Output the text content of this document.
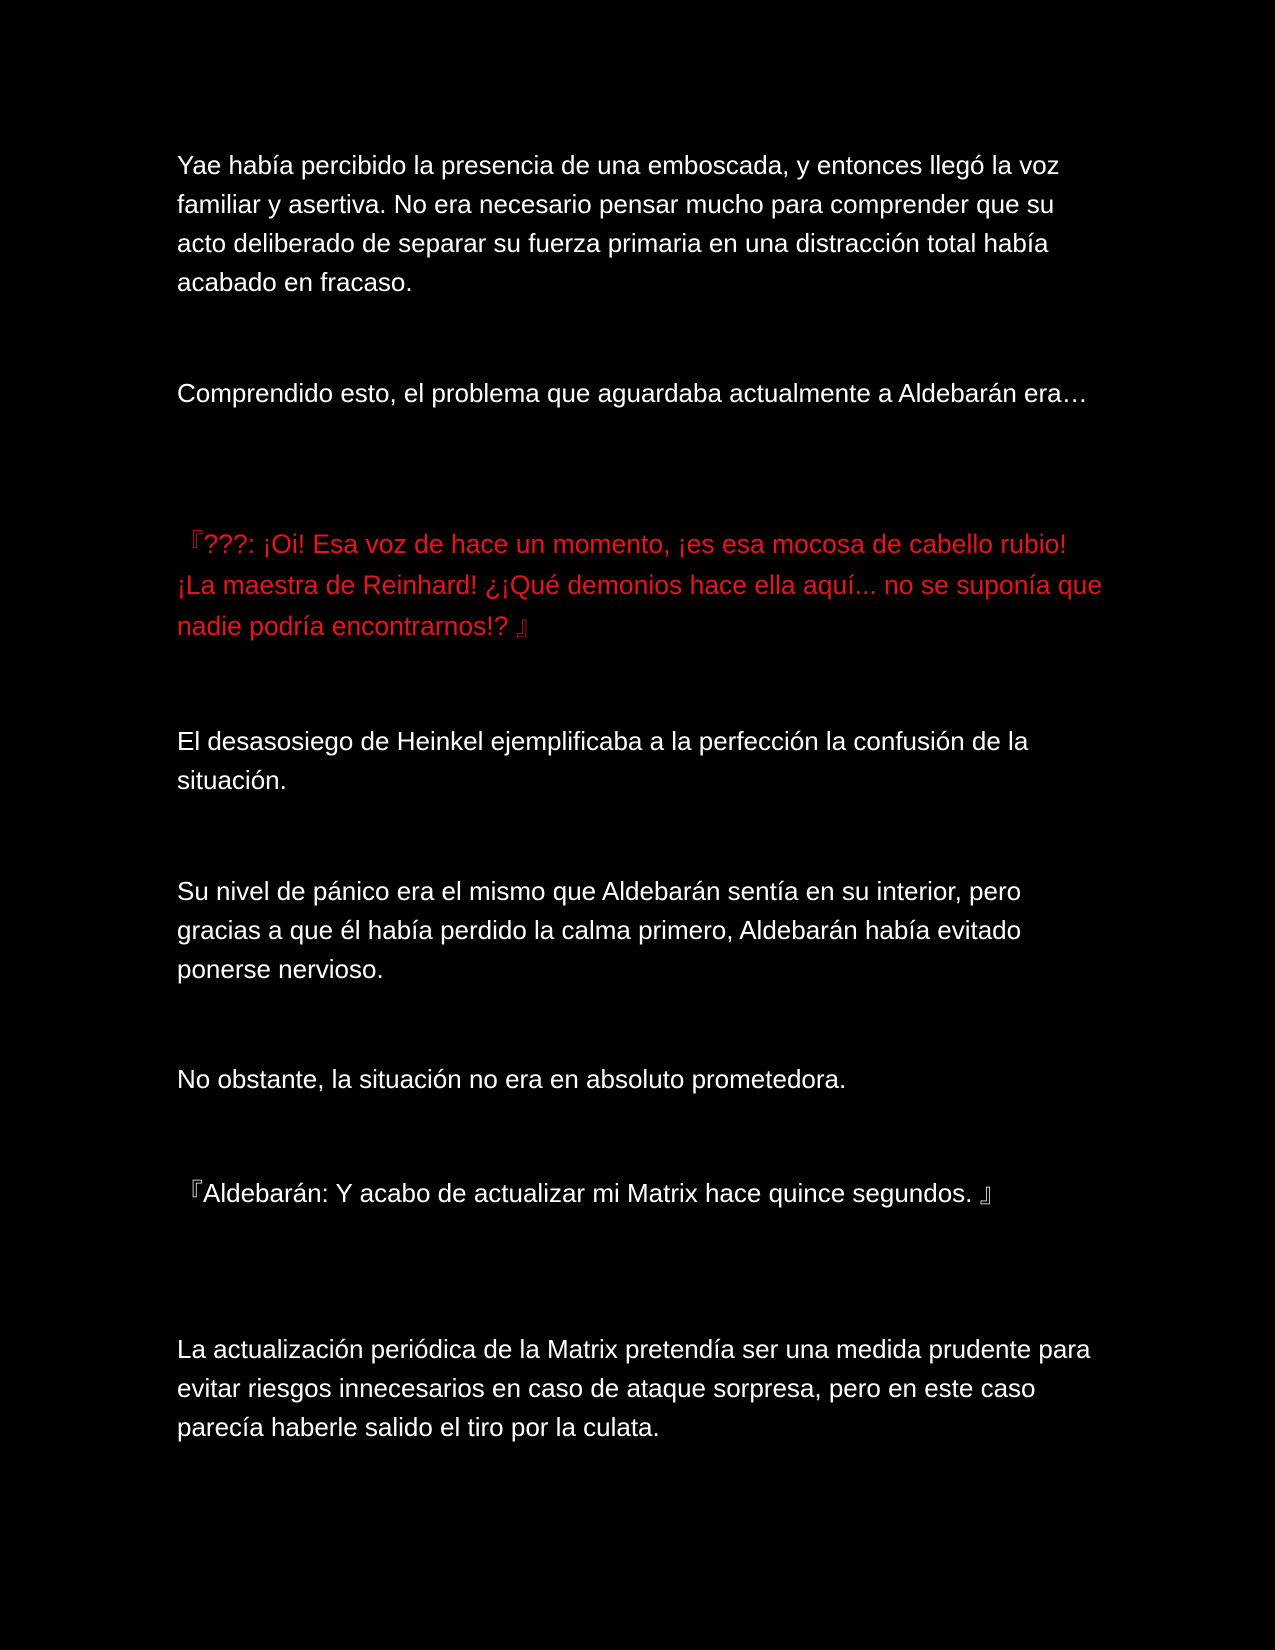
Yae había percibido la presencia de una emboscada, y entonces llegó la voz familiar y asertiva. No era necesario pensar mucho para comprender que su acto deliberado de separar su fuerza primaria en una distracción total había acabado en fracaso.

Comprendido esto, el problema que aguardaba actualmente a Aldebarán era…

『???: ¡Oi! Esa voz de hace un momento, ¡es esa mocosa de cabello rubio! ¡La maestra de Reinhard! ¿¡Qué demonios hace ella aquí... no se suponía que nadie podría encontrarnos!? 』

El desasosiego de Heinkel ejemplificaba a la perfección la confusión de la situación.

Su nivel de pánico era el mismo que Aldebarán sentía en su interior, pero gracias a que él había perdido la calma primero, Aldebarán había evitado ponerse nervioso.

No obstante, la situación no era en absoluto prometedora.

『Aldebarán: Y acabo de actualizar mi Matrix hace quince segundos. 』

La actualización periódica de la Matrix pretendía ser una medida prudente para evitar riesgos innecesarios en caso de ataque sorpresa, pero en este caso parecía haberle salido el tiro por la culata.
